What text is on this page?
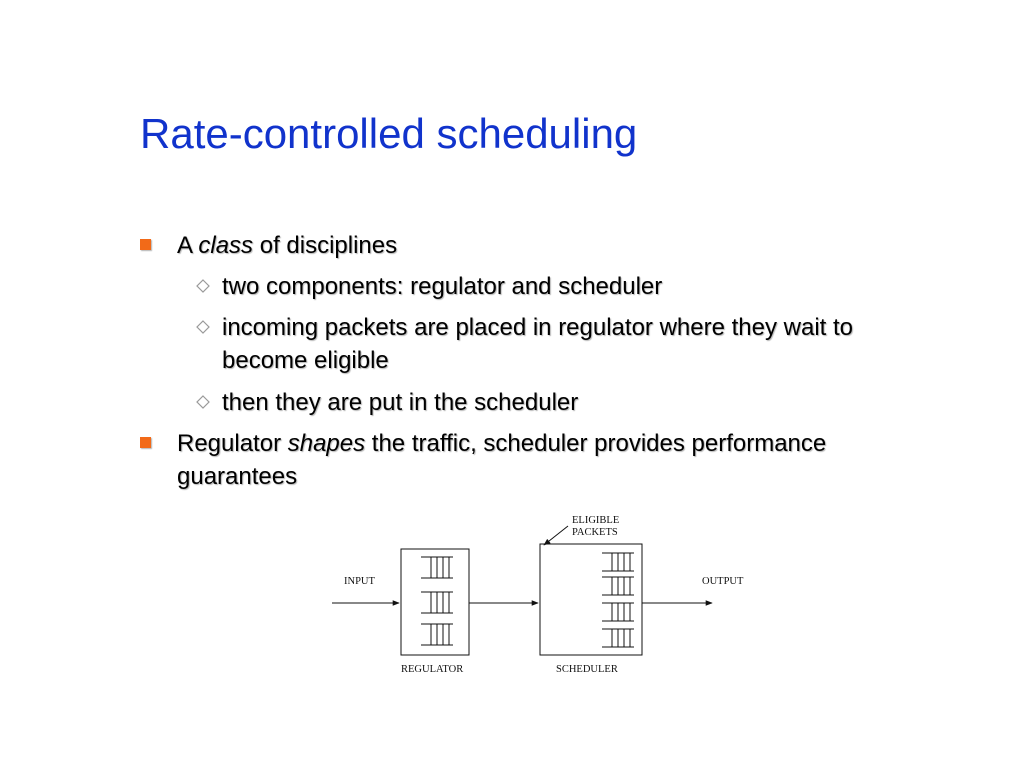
Rate-controlled scheduling
A class of disciplines
two components: regulator and scheduler
incoming packets are placed in regulator where they wait to
become eligible
then they are put in the scheduler
Regulator shapes the traffic, scheduler provides performance
guarantees
INPUT
REGULATOR	SCHEDULER
ELIGIBLE
PACKETS
OUTPUT
